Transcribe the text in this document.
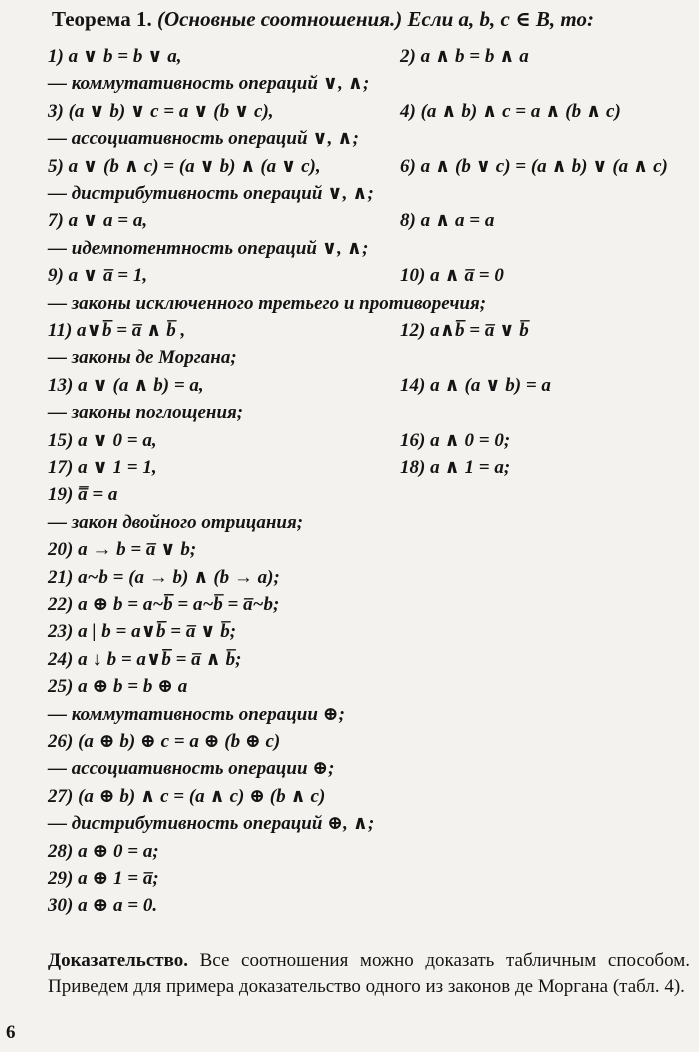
Теорема 1. (Основные соотношения.) Если a, b, c ∈ B, то:
1) a ∨ b = b ∨ a,	2) a ∧ b = b ∧ a
— коммутативность операций ∨, ∧;
3) (a ∨ b) ∨ c = a ∨ (b ∨ c),	4) (a ∧ b) ∧ c = a ∧ (b ∧ c)
— ассоциативность операций ∨, ∧;
5) a ∨ (b ∧ c) = (a ∨ b) ∧ (a ∨ c),	6) a ∧ (b ∨ c) = (a ∧ b) ∨ (a ∧ c)
— дистрибутивность операций ∨, ∧;
7) a ∨ a = a,	8) a ∧ a = a
— идемпотентность операций ∨, ∧;
9) a ∨ a̅ = 1,	10) a ∧ a̅ = 0
— законы исключенного третьего и противоречия;
11) a∨b̅̅̅ = a̅ ∧ b̅ ,	12) a∧b̅̅̅ = a̅ ∨ b̅
— законы де Моргана;
13) a ∨ (a ∧ b) = a,	14) a ∧ (a ∨ b) = a
— законы поглощения;
15) a ∨ 0 = a,	16) a ∧ 0 = 0;
17) a ∨ 1 = 1,	18) a ∧ 1 = a;
19) a̿ = a
— закон двойного отрицания;
20) a → b = a̅ ∨ b;
21) a~b = (a → b) ∧ (b → a);
22) a ⊕ b = a~b̅̅̅ = a~b̅ = a̅~b;
23) a | b = a∨b̅̅̅ = a̅ ∨ b̅;
24) a ↓ b = a∨b̅̅̅ = a̅ ∧ b̅;
25) a ⊕ b = b ⊕ a
— коммутативность операции ⊕;
26) (a ⊕ b) ⊕ c = a ⊕ (b ⊕ c)
— ассоциативность операции ⊕;
27) (a ⊕ b) ∧ c = (a ∧ c) ⊕ (b ∧ c)
— дистрибутивность операций ⊕, ∧;
28) a ⊕ 0 = a;
29) a ⊕ 1 = a̅;
30) a ⊕ a = 0.

Доказательство. Все соотношения можно доказать табличным способом. Приведем для примера доказательство одного из законов де Моргана (табл. 4).

6
